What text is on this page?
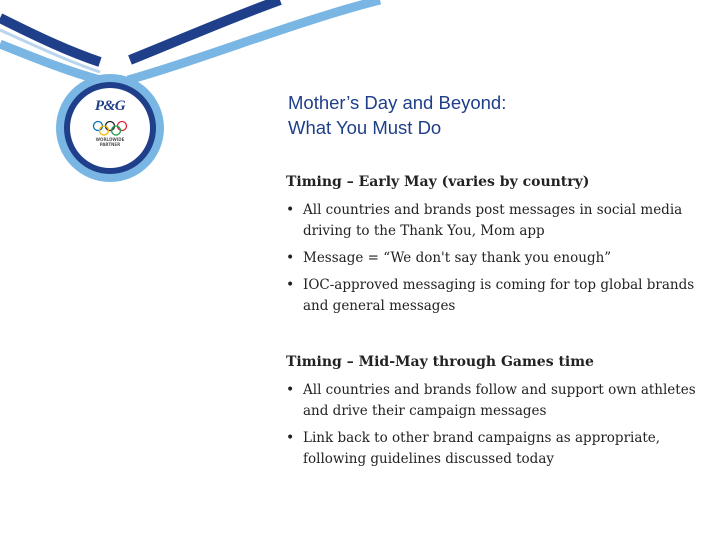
P&G
WORLDWIDE
PARTNER
Mother’s Day and Beyond:
What You Must Do
Timing – Early May (varies by country)
• All countries and brands post messages in social media driving to the Thank You, Mom app
• Message = “We don't say thank you enough”
• IOC-approved messaging is coming for top global brands and general messages
Timing – Mid-May through Games time
• All countries and brands follow and support own athletes and drive their campaign messages
• Link back to other brand campaigns as appropriate, following guidelines discussed today
